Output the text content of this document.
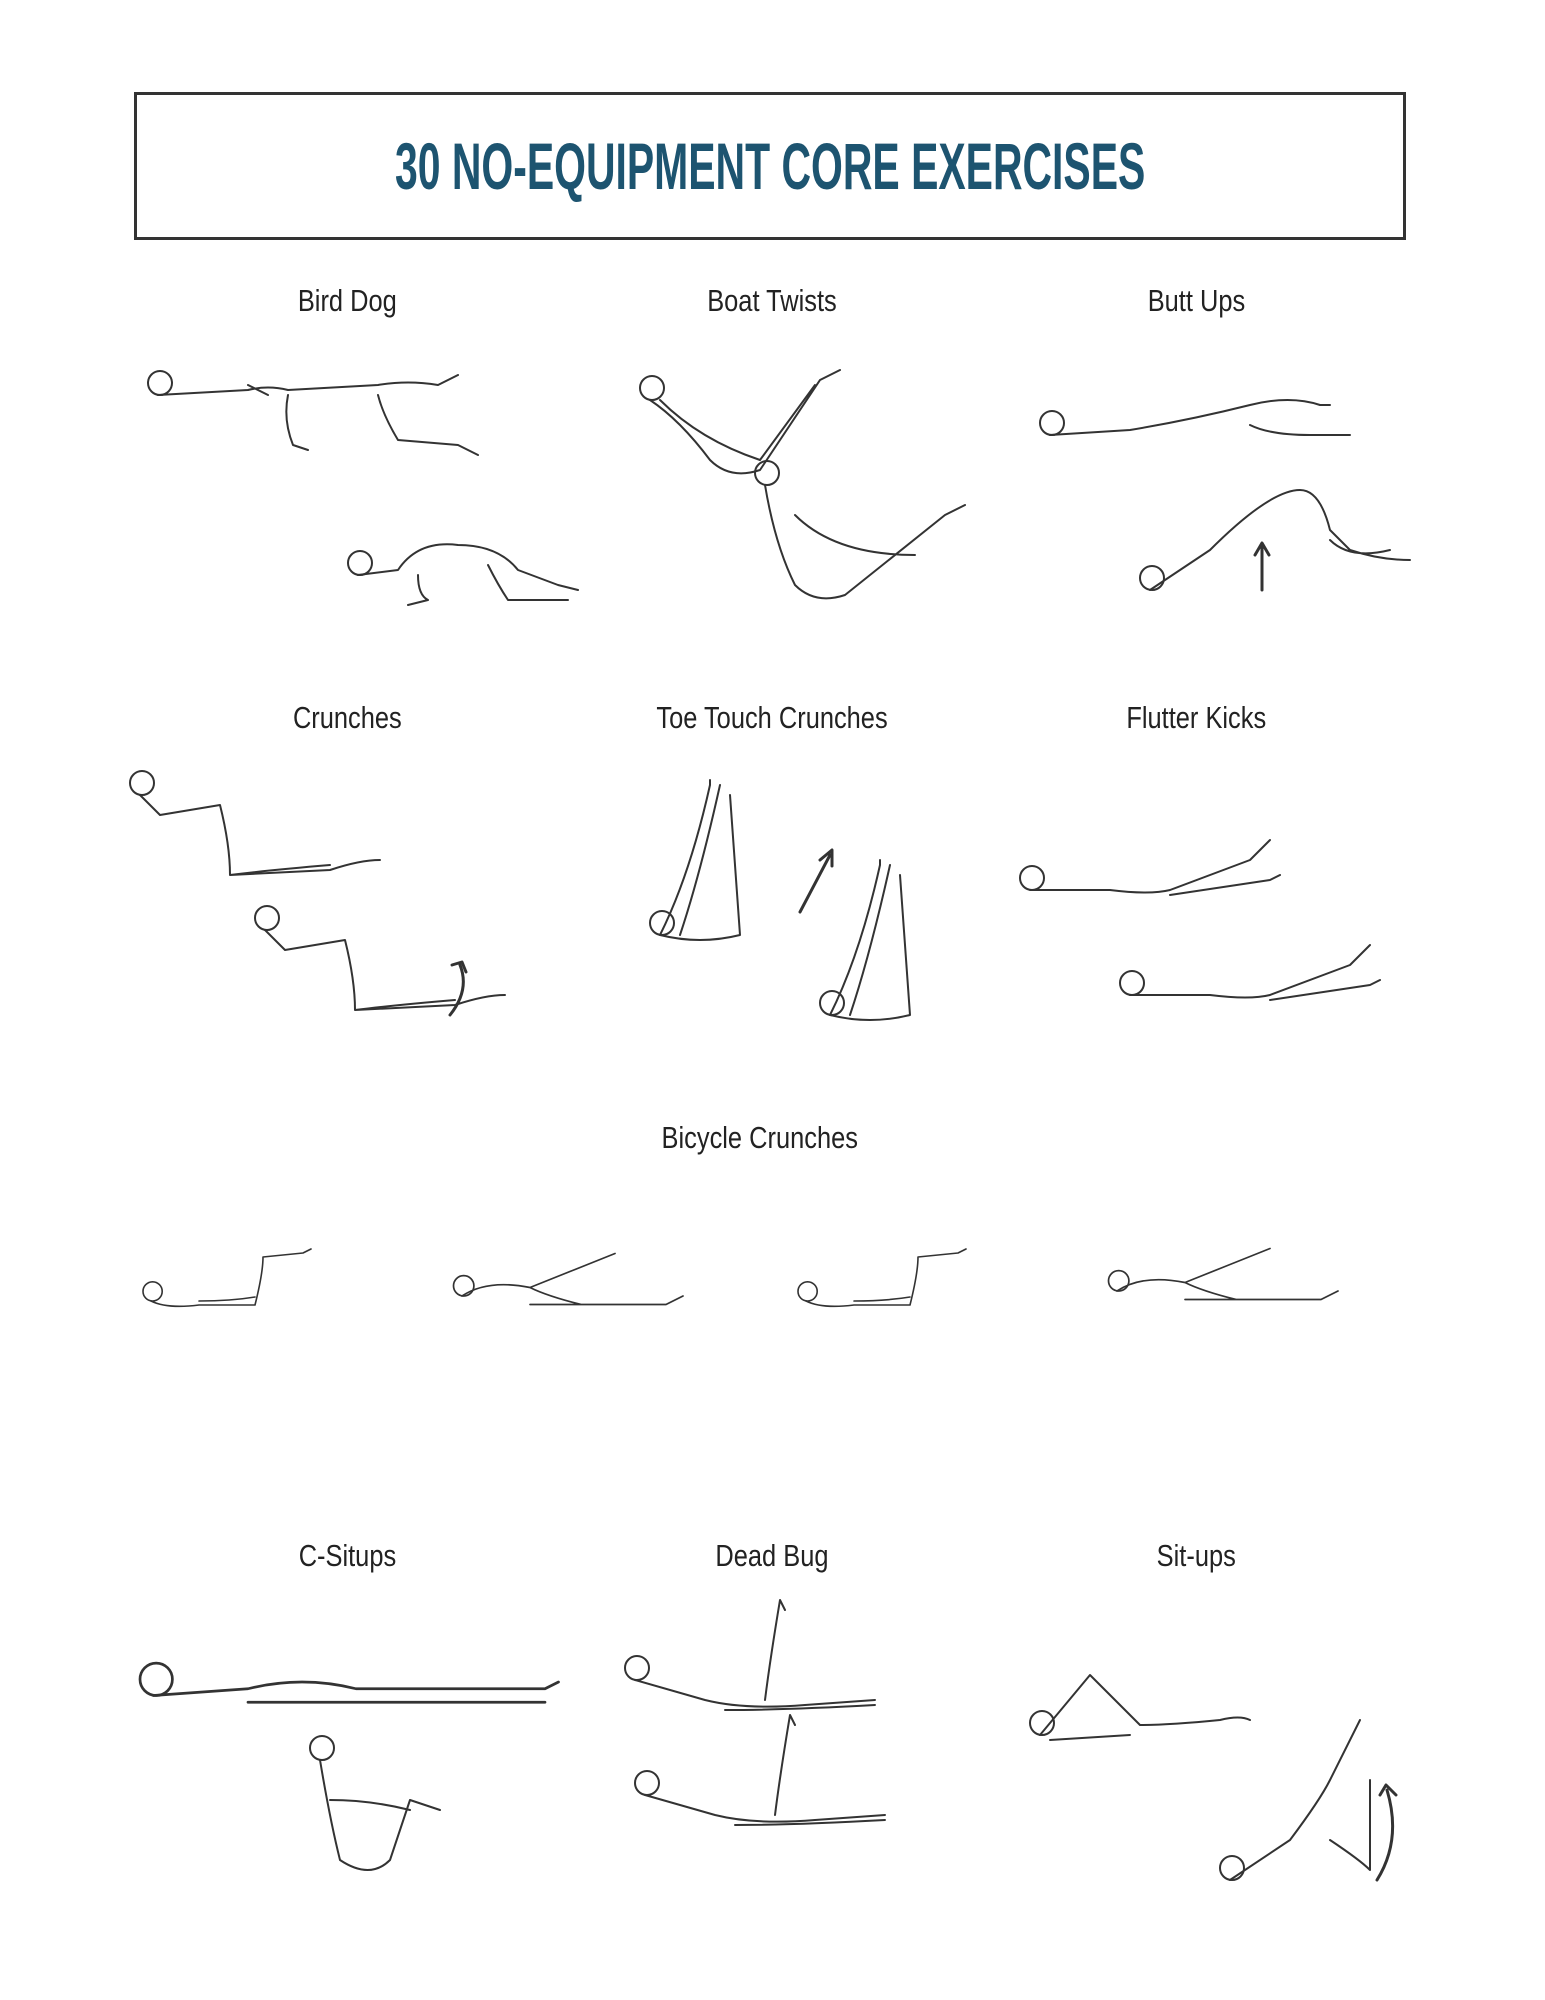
30 NO-EQUIPMENT CORE EXERCISES
Bird Dog	Boat Twists	Butt Ups
Crunches	Toe Touch Crunches	Flutter Kicks
Bicycle Crunches
C-Situps	Dead Bug	Sit-ups
